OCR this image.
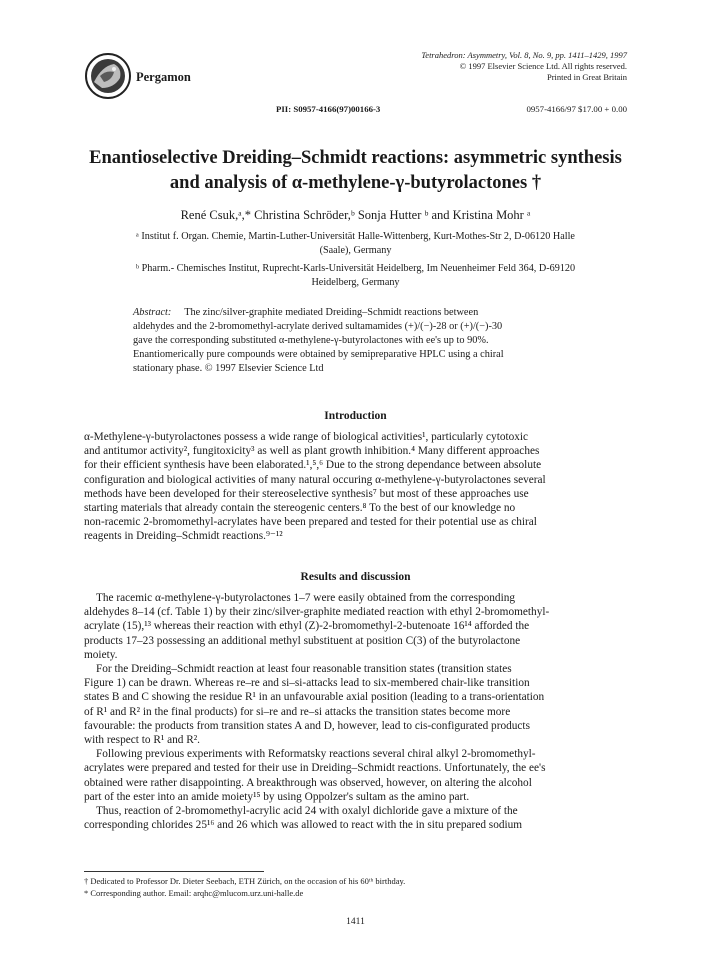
Pergamon
Tetrahedron: Asymmetry, Vol. 8, No. 9, pp. 1411–1429, 1997
© 1997 Elsevier Science Ltd. All rights reserved.
Printed in Great Britain
PII: S0957-4166(97)00166-3	0957-4166/97 $17.00 + 0.00
Enantioselective Dreiding–Schmidt reactions: asymmetric synthesis
and analysis of α-methylene-γ-butyrolactones †
René Csuk,ᵃ,* Christina Schröder,ᵇ Sonja Hutter ᵇ and Kristina Mohr ᵃ
ᵃ Institut f. Organ. Chemie, Martin-Luther-Universität Halle-Wittenberg, Kurt-Mothes-Str 2, D-06120 Halle
(Saale), Germany
ᵇ Pharm.- Chemisches Institut, Ruprecht-Karls-Universität Heidelberg, Im Neuenheimer Feld 364, D-69120
Heidelberg, Germany
Abstract: The zinc/silver-graphite mediated Dreiding–Schmidt reactions between
aldehydes and the 2-bromomethyl-acrylate derived sultamamides (+)/(−)-28 or (+)/(−)-30
gave the corresponding substituted α-methylene-γ-butyrolactones with ee's up to 90%.
Enantiomerically pure compounds were obtained by semipreparative HPLC using a chiral
stationary phase. © 1997 Elsevier Science Ltd
Introduction
α-Methylene-γ-butyrolactones possess a wide range of biological activities¹, particularly cytotoxic
and antitumor activity², fungitoxicity³ as well as plant growth inhibition.⁴ Many different approaches
for their efficient synthesis have been elaborated.¹,⁵,⁶ Due to the strong dependance between absolute
configuration and biological activities of many natural occuring α-methylene-γ-butyrolactones several
methods have been developed for their stereoselective synthesis⁷ but most of these approaches use
starting materials that already contain the stereogenic centers.⁸ To the best of our knowledge no
non-racemic 2-bromomethyl-acrylates have been prepared and tested for their potential use as chiral
reagents in Dreiding–Schmidt reactions.⁹⁻¹²
Results and discussion
The racemic α-methylene-γ-butyrolactones 1–7 were easily obtained from the corresponding
aldehydes 8–14 (cf. Table 1) by their zinc/silver-graphite mediated reaction with ethyl 2-bromomethyl-
acrylate (15),¹³ whereas their reaction with ethyl (Z)-2-bromomethyl-2-butenoate 16¹⁴ afforded the
products 17–23 possessing an additional methyl substituent at position C(3) of the butyrolactone
moiety.
For the Dreiding–Schmidt reaction at least four reasonable transition states (transition states
Figure 1) can be drawn. Whereas re–re and si–si-attacks lead to six-membered chair-like transition
states B and C showing the residue R¹ in an unfavourable axial position (leading to a trans-orientation
of R¹ and R² in the final products) for si–re and re–si attacks the transition states become more
favourable: the products from transition states A and D, however, lead to cis-configurated products
with respect to R¹ and R².
Following previous experiments with Reformatsky reactions several chiral alkyl 2-bromomethyl-
acrylates were prepared and tested for their use in Dreiding–Schmidt reactions. Unfortunately, the ee's
obtained were rather disappointing. A breakthrough was observed, however, on altering the alcohol
part of the ester into an amide moiety¹⁵ by using Oppolzer's sultam as the amino part.
Thus, reaction of 2-bromomethyl-acrylic acid 24 with oxalyl dichloride gave a mixture of the
corresponding chlorides 25¹⁶ and 26 which was allowed to react with the in situ prepared sodium
† Dedicated to Professor Dr. Dieter Seebach, ETH Zürich, on the occasion of his 60ᵗʰ birthday.
* Corresponding author. Email: arqhc@mlucom.urz.uni-halle.de
1411
